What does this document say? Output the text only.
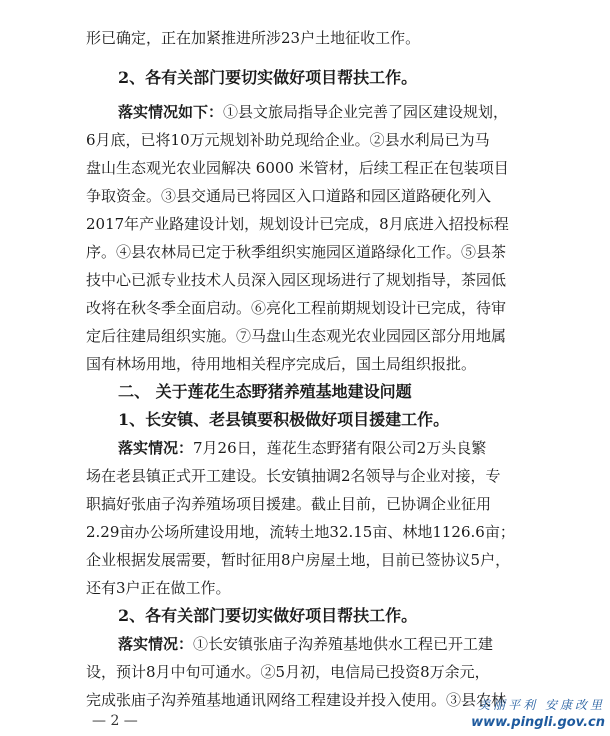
形已确定，正在加紧推进所涉23户土地征收工作。
2、各有关部门要切实做好项目帮扶工作。
落实情况如下：①县文旅局指导企业完善了园区建设规划，
6月底，已将10万元规划补助兑现给企业。②县水利局已为马
盘山生态观光农业园解决 6000 米管材，后续工程正在包装项目
争取资金。③县交通局已将园区入口道路和园区道路硬化列入
2017年产业路建设计划，规划设计已完成，8月底进入招投标程
序。④县农林局已定于秋季组织实施园区道路绿化工作。⑤县茶
技中心已派专业技术人员深入园区现场进行了规划指导，茶园低
改将在秋冬季全面启动。⑥亮化工程前期规划设计已完成，待审
定后往建局组织实施。⑦马盘山生态观光农业园园区部分用地属
国有林场用地，待用地相关程序完成后，国土局组织报批。
二、 关于莲花生态野猪养殖基地建设问题
1、长安镇、老县镇要积极做好项目援建工作。
落实情况：7月26日，莲花生态野猪有限公司2万头良繁
场在老县镇正式开工建设。长安镇抽调2名领导与企业对接，专
职搞好张庙子沟养殖场项目援建。截止目前，已协调企业征用
2.29亩办公场所建设用地，流转土地32.15亩、林地1126.6亩；
企业根据发展需要，暂时征用8户房屋土地，目前已签协议5户，
还有3户正在做工作。
2、各有关部门要切实做好项目帮扶工作。
落实情况：①长安镇张庙子沟养殖基地供水工程已开工建
设，预计8月中旬可通水。②5月初，电信局已投资8万余元，
完成张庙子沟养殖基地通讯网络工程建设并投入使用。③县农林
— 2 —
美丽平利 安康改里
www.pingli.gov.cn
